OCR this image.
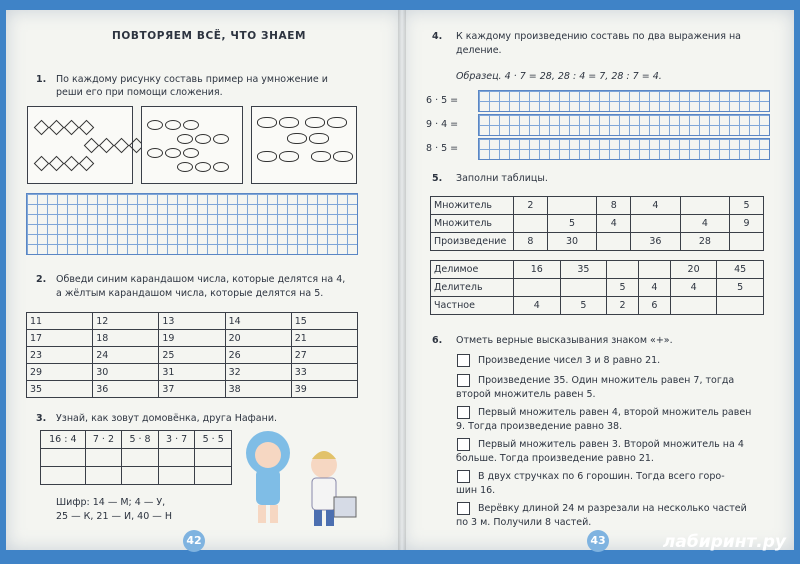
ПОВТОРЯЕМ ВСЁ, ЧТО ЗНАЕМ
1. По каждому рисунку составь пример на умножение и
реши его при помощи сложения.
2. Обведи синим карандашом числа, которые делятся на 4,
а жёлтым карандашом числа, которые делятся на 5.
11	12	13	14	15
17	18	19	20	21
23	24	25	26	27
29	30	31	32	33
35	36	37	38	39
3. Узнай, как зовут домовёнка, друга Нафани.
16 : 4	7 · 2	5 · 8	3 · 7	5 · 5

Шифр: 14 — М; 4 — У,
25 — К, 21 — И, 40 — Н
42
4. К каждому произведению составь по два выражения на
деление.
Образец. 4 · 7 = 28, 28 : 4 = 7, 28 : 7 = 4.
6 · 5 =
9 · 4 =
8 · 5 =
5. Заполни таблицы.
Множитель	2		8	4		5
Множитель		5	4		4	9
Произведение	8	30		36	28	
Делимое	16	35			20	45
Делитель			5	4	4	5
Частное	4	5	2	6		
6. Отметь верные высказывания знаком «+».
Произведение чисел 3 и 8 равно 21.
Произведение 35. Один множитель равен 7, тогда
второй множитель равен 5.
Первый множитель равен 4, второй множитель равен
9. Тогда произведение равно 38.
Первый множитель равен 3. Второй множитель на 4
больше. Тогда произведение равно 21.
В двух стручках по 6 горошин. Тогда всего горо-
шин 16.
Верёвку длиной 24 м разрезали на несколько частей
по 3 м. Получили 8 частей.
43	лабиринт.ру
